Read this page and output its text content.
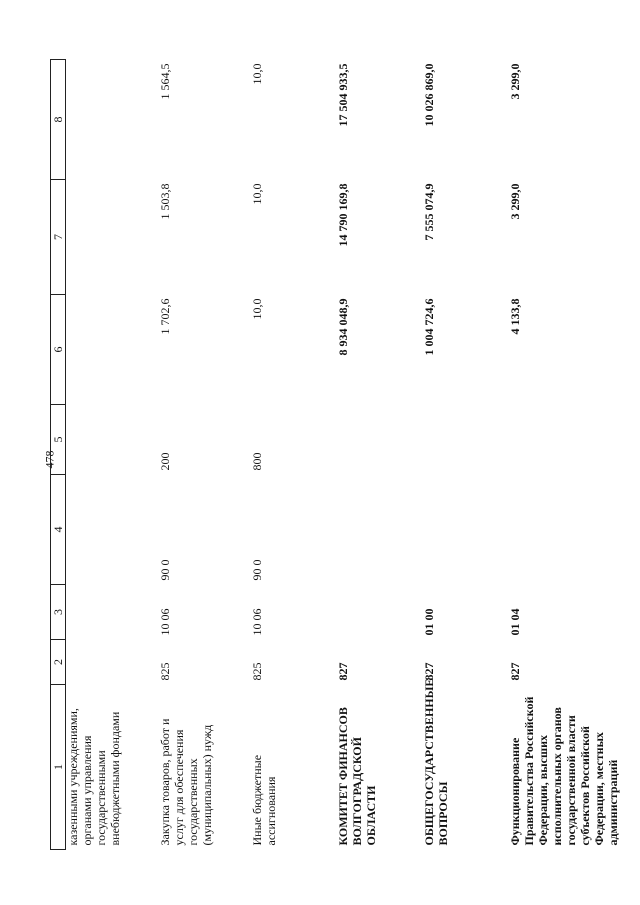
478
1	2	3	4	5	6	7	8
казенными учреждениями, органами управления государственными внебюджетными фондами							
Закупка товаров, работ и услуг для обеспечения государственных (муниципальных) нужд	825	10 06	90 0	200	1 702,6	1 503,8	1 564,5
Иные бюджетные ассигнования	825	10 06	90 0	800	10,0	10,0	10,0
КОМИТЕТ ФИНАНСОВ ВОЛГОГРАДСКОЙ ОБЛАСТИ	827				8 934 048,9	14 790 169,8	17 504 933,5
ОБЩЕГОСУДАРСТВЕННЫЕ ВОПРОСЫ	827	01 00			1 004 724,6	7 555 074,9	10 026 869,0
Функционирование Правительства Российской Федерации, высших исполнительных органов государственной власти субъектов Российской Федерации, местных администраций	827	01 04			4 133,8	3 299,0	3 299,0
